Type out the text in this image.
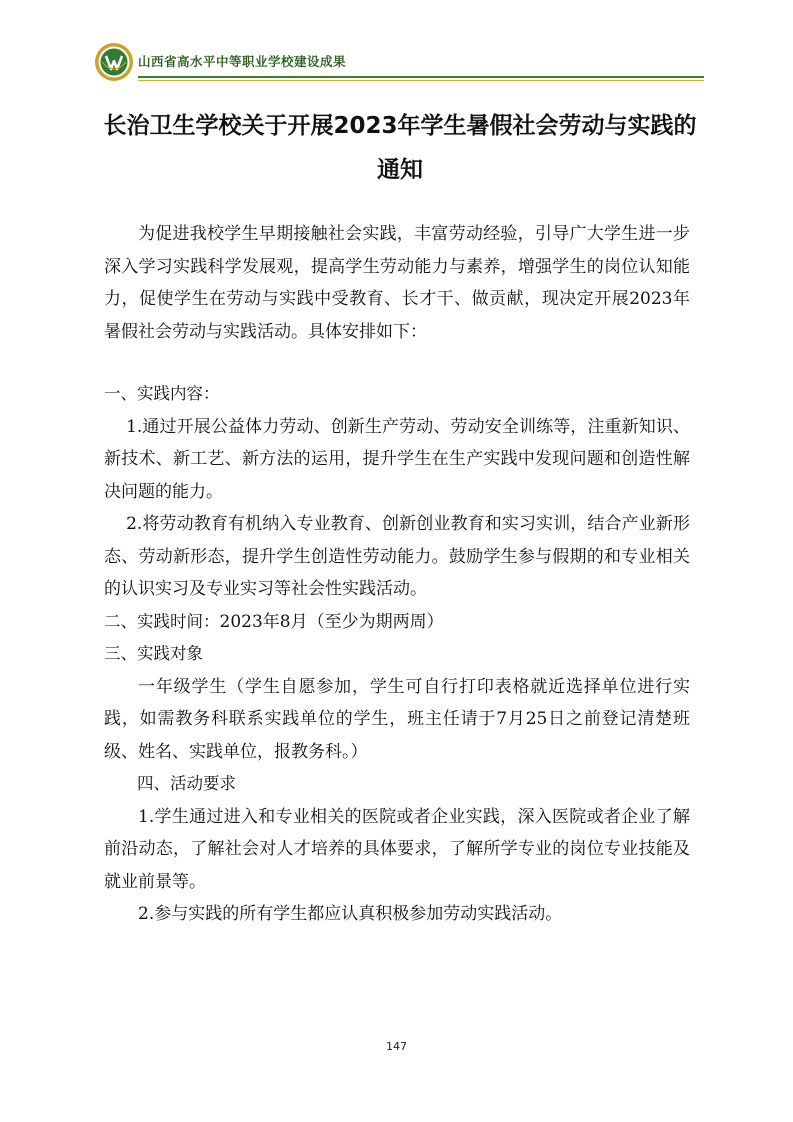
山西省高水平中等职业学校建设成果
长治卫生学校关于开展2023年学生暑假社会劳动与实践的通知

为促进我校学生早期接触社会实践，丰富劳动经验，引导广大学生进一步深入学习实践科学发展观，提高学生劳动能力与素养，增强学生的岗位认知能力，促使学生在劳动与实践中受教育、长才干、做贡献，现决定开展2023年暑假社会劳动与实践活动。具体安排如下：

一、实践内容：

1.通过开展公益体力劳动、创新生产劳动、劳动安全训练等，注重新知识、新技术、新工艺、新方法的运用，提升学生在生产实践中发现问题和创造性解决问题的能力。

2.将劳动教育有机纳入专业教育、创新创业教育和实习实训，结合产业新形态、劳动新形态，提升学生创造性劳动能力。鼓励学生参与假期的和专业相关的认识实习及专业实习等社会性实践活动。

二、实践时间：2023年8月（至少为期两周）

三、实践对象

一年级学生（学生自愿参加，学生可自行打印表格就近选择单位进行实践，如需教务科联系实践单位的学生，班主任请于7月25日之前登记清楚班级、姓名、实践单位，报教务科。）

四、活动要求

1.学生通过进入和专业相关的医院或者企业实践，深入医院或者企业了解前沿动态，了解社会对人才培养的具体要求，了解所学专业的岗位专业技能及就业前景等。

2.参与实践的所有学生都应认真积极参加劳动实践活动。

147
